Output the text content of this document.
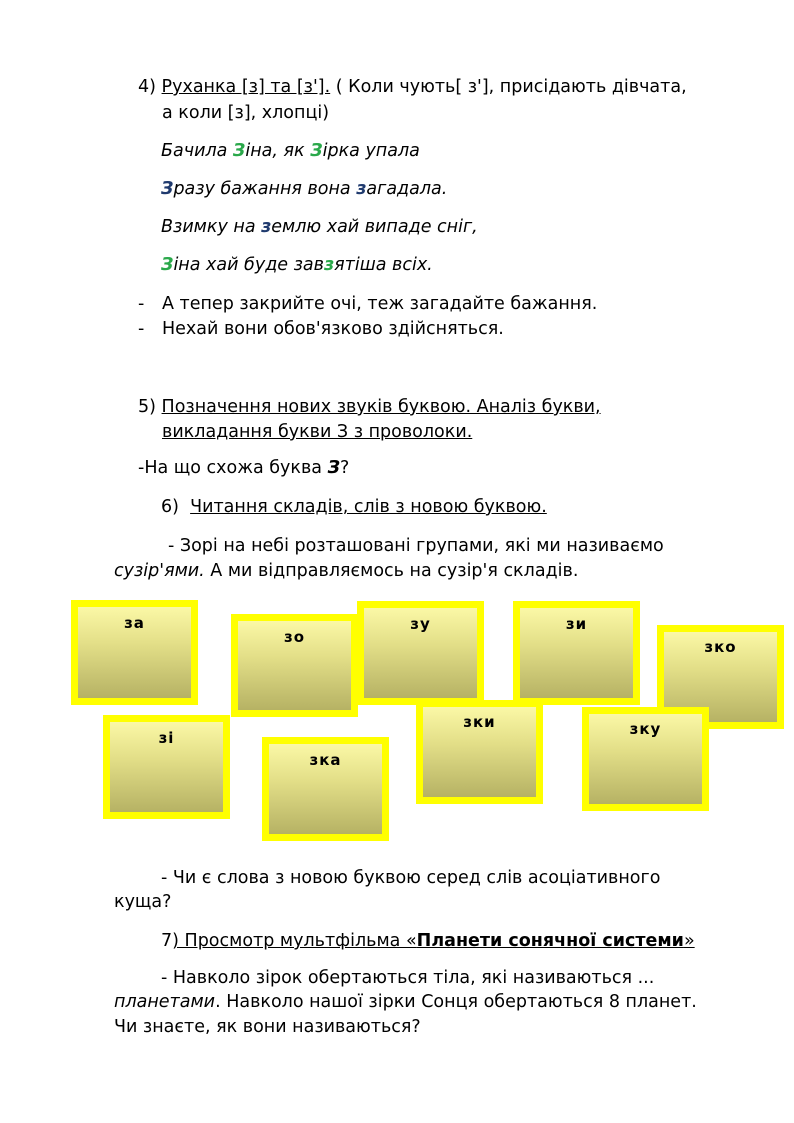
4) Руханка [з] та [з']. ( Коли чують[ з'], присідають дівчата,
а коли [з], хлопці)
Бачила Зіна, як Зірка упала
Зразу бажання вона загадала.
Взимку на землю хай випаде сніг,
Зіна хай буде завзятіша всіх.
- А тепер закрийте очі, теж загадайте бажання.
- Нехай вони обов'язково здійсняться.
5) Позначення нових звуків буквою. Аналіз букви,
викладання букви З з проволоки.
-На що схожа буква З?
6) Читання складів, слів з новою буквою.
- Зорі на небі розташовані групами, які ми називаємо
сузір'ями. А ми відправляємось на сузір'я складів.
за
зо
зу	зи
зко
зі
зка
зки	зку
- Чи є слова з новою буквою серед слів асоціативного
куща?
7) Просмотр мультфільма «Планети сонячної системи»
- Навколо зірок обертаються тіла, які називаються ...
планетами. Навколо нашої зірки Сонця обертаються 8 планет.
Чи знаєте, як вони називаються?
